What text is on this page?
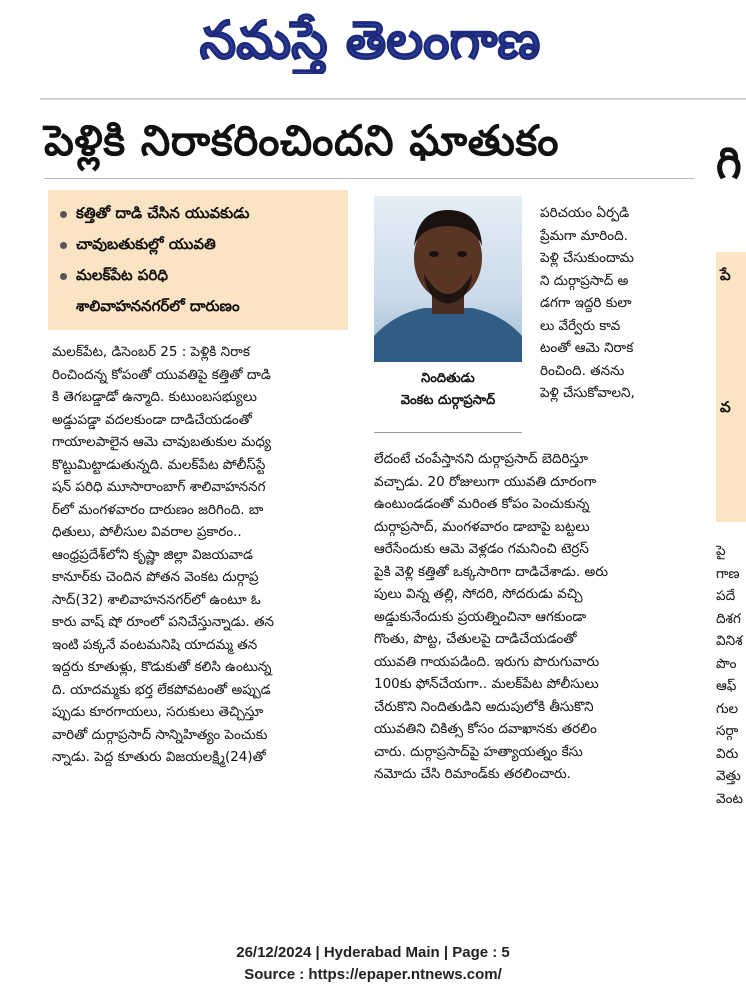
నమస్తే తెలంగాణ
పెళ్లికి నిరాకరించిందని ఘాతుకం
కత్తితో దాడి చేసిన యువకుడు
చావుబతుకుల్లో యువతి
మలక్‌పేట పరిధి
శాలివాహననగర్‌లో దారుణం
నిందితుడు
వెంకట దుర్గాప్రసాద్
మలక్‌పేట, డిసెంబర్ 25 : పెళ్లికి నిరాక
రించిందన్న కోపంతో యువతిపై కత్తితో దాడి
కి తెగబడ్డాడో ఉన్మాది. కుటుంబసభ్యులు
అడ్డుపడ్డా వదలకుండా దాడిచేయడంతో
గాయాలపాలైన ఆమె చావుబతుకుల మధ్య
కొట్టుమిట్టాడుతున్నది. మలక్‌పేట పోలీస్‌స్టే
షన్ పరిధి మూసారాంబాగ్ శాలివాహననగ
ర్‌లో మంగళవారం దారుణం జరిగింది. బా
ధితులు, పోలీసుల వివరాల ప్రకారం..
ఆంధ్రప్రదేశ్‌లోని కృష్ణా జిల్లా విజయవాడ
కానూర్‌కు చెందిన పోతన వెంకట దుర్గాప్ర
సాద్(32) శాలివాహననగర్‌లో ఉంటూ ఓ
కారు వాష్ షో రూంలో పనిచేస్తున్నాడు. తన
ఇంటి పక్కనే వంటమనిషి యాదమ్మ తన
ఇద్దరు కూతుళ్లు, కొడుకుతో కలిసి ఉంటున్న
ది. యాదమ్మకు భర్త లేకపోవటంతో అప్పుడ
ప్పుడు కూరగాయలు, సరుకులు తెచ్చిస్తూ
వారితో దుర్గాప్రసాద్ సాన్నిహిత్యం పెంచుకు
న్నాడు. పెద్ద కూతురు విజయలక్ష్మి(24)తో
పరిచయం ఏర్పడి
ప్రేమగా మారింది.
పెళ్లి చేసుకుందామ
ని దుర్గాప్రసాద్ అ
డగగా ఇద్దరి కులా
లు వేర్వేరు కావ
టంతో ఆమె నిరాక
రించింది. తనను
పెళ్లి చేసుకోవాలని,
లేదంటే చంపేస్తానని దుర్గాప్రసాద్ బెదిరిస్తూ
వచ్చాడు. 20 రోజులుగా యువతి దూరంగా
ఉంటుండడంతో మరింత కోపం పెంచుకున్న
దుర్గాప్రసాద్, మంగళవారం డాబాపై బట్టలు
ఆరేసేందుకు ఆమె వెళ్లడం గమనించి టెర్రస్
పైకి వెళ్లి కత్తితో ఒక్కసారిగా దాడిచేశాడు. అరు
పులు విన్న తల్లి, సోదరి, సోదరుడు వచ్చి
అడ్డుకునేందుకు ప్రయత్నించినా ఆగకుండా
గొంతు, పొట్ట, చేతులపై దాడిచేయడంతో
యువతి గాయపడింది. ఇరుగు పొరుగువారు
100కు ఫోన్‌చేయగా.. మలక్‌పేట పోలీసులు
చేరుకొని నిందితుడిని అదుపులోకి తీసుకొని
యువతిని చికిత్స కోసం దవాఖానకు తరలిం
చారు. దుర్గాప్రసాద్‌పై హత్యాయత్నం కేసు
నమోదు చేసి రిమాండ్‌కు తరలించారు.
గి
పే
వ
పై
గాణ
పదే
దిశగ
వినిశ
పొం
ఆఫ్
గుల
సర్గా
విరు
వెత్తు
వెంట
26/12/2024 | Hyderabad Main | Page : 5
Source : https://epaper.ntnews.com/
